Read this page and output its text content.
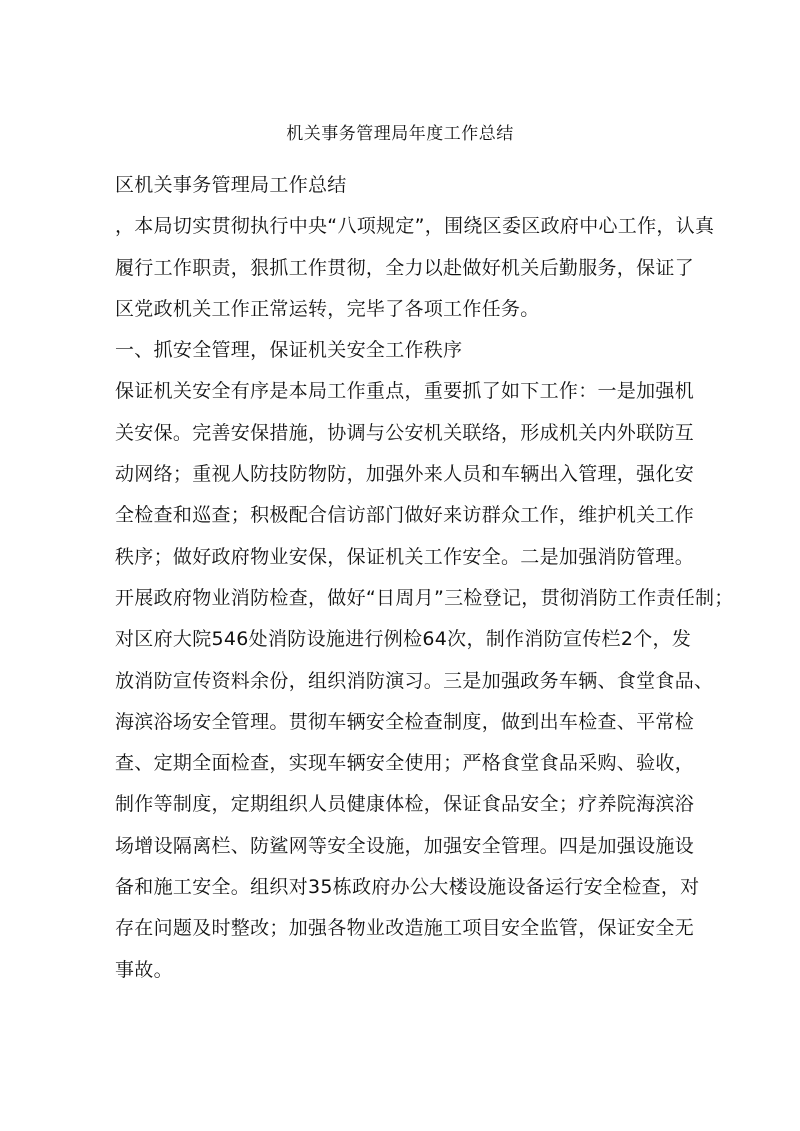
机关事务管理局年度工作总结
区机关事务管理局工作总结
，本局切实贯彻执行中央“八项规定”，围绕区委区政府中心工作，认真
履行工作职责，狠抓工作贯彻，全力以赴做好机关后勤服务，保证了
区党政机关工作正常运转，完毕了各项工作任务。
一、抓安全管理，保证机关安全工作秩序
保证机关安全有序是本局工作重点，重要抓了如下工作：一是加强机
关安保。完善安保措施，协调与公安机关联络，形成机关内外联防互
动网络；重视人防技防物防，加强外来人员和车辆出入管理，强化安
全检查和巡查；积极配合信访部门做好来访群众工作，维护机关工作
秩序；做好政府物业安保，保证机关工作安全。二是加强消防管理。
开展政府物业消防检查，做好“日周月”三检登记，贯彻消防工作责任制；
对区府大院546处消防设施进行例检64次，制作消防宣传栏2个，发
放消防宣传资料余份，组织消防演习。三是加强政务车辆、食堂食品、
海滨浴场安全管理。贯彻车辆安全检查制度，做到出车检查、平常检
查、定期全面检查，实现车辆安全使用；严格食堂食品采购、验收，
制作等制度，定期组织人员健康体检，保证食品安全；疗养院海滨浴
场增设隔离栏、防鲨网等安全设施，加强安全管理。四是加强设施设
备和施工安全。组织对35栋政府办公大楼设施设备运行安全检查，对
存在问题及时整改；加强各物业改造施工项目安全监管，保证安全无
事故。
